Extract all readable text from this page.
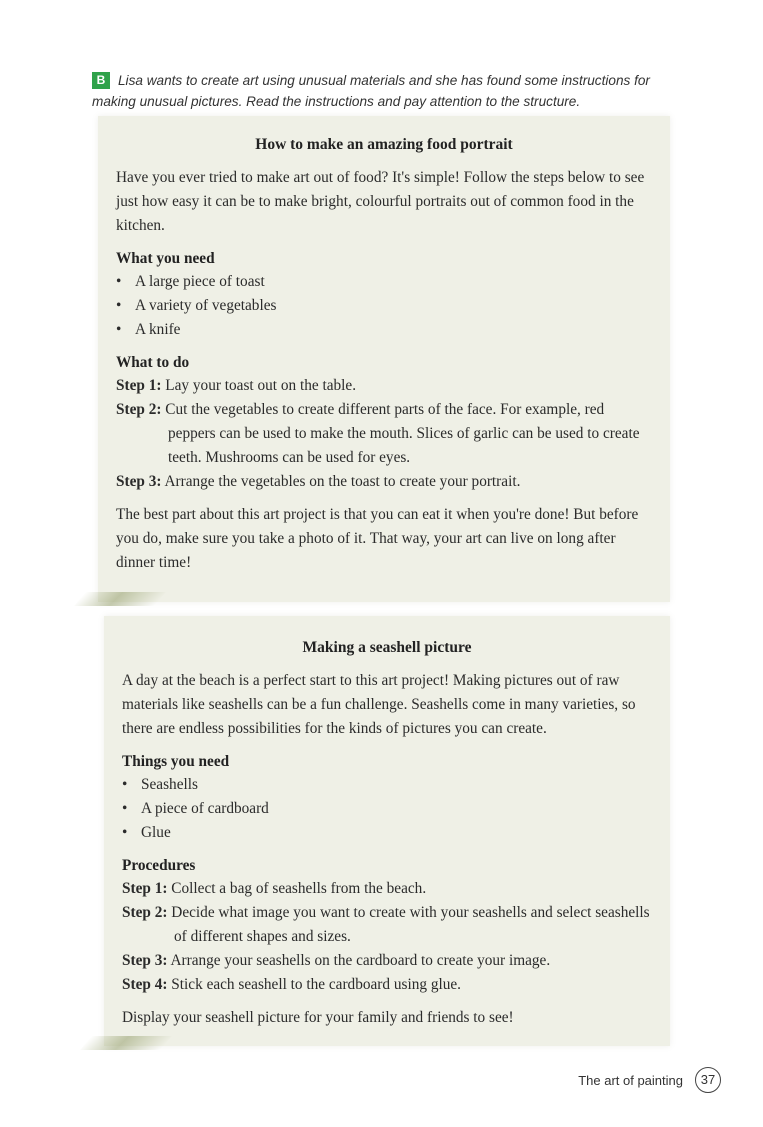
B Lisa wants to create art using unusual materials and she has found some instructions for making unusual pictures. Read the instructions and pay attention to the structure.
How to make an amazing food portrait

Have you ever tried to make art out of food? It's simple! Follow the steps below to see just how easy it can be to make bright, colourful portraits out of common food in the kitchen.

What you need
• A large piece of toast
• A variety of vegetables
• A knife
What to do
Step 1: Lay your toast out on the table.
Step 2: Cut the vegetables to create different parts of the face. For example, red peppers can be used to make the mouth. Slices of garlic can be used to create teeth. Mushrooms can be used for eyes.
Step 3: Arrange the vegetables on the toast to create your portrait.

The best part about this art project is that you can eat it when you're done! But before you do, make sure you take a photo of it. That way, your art can live on long after dinner time!

Making a seashell picture

A day at the beach is a perfect start to this art project! Making pictures out of raw materials like seashells can be a fun challenge. Seashells come in many varieties, so there are endless possibilities for the kinds of pictures you can create.

Things you need
• Seashells
• A piece of cardboard
• Glue
Procedures
Step 1: Collect a bag of seashells from the beach.
Step 2: Decide what image you want to create with your seashells and select seashells of different shapes and sizes.
Step 3: Arrange your seashells on the cardboard to create your image.
Step 4: Stick each seashell to the cardboard using glue.

Display your seashell picture for your family and friends to see!

The art of painting	37
